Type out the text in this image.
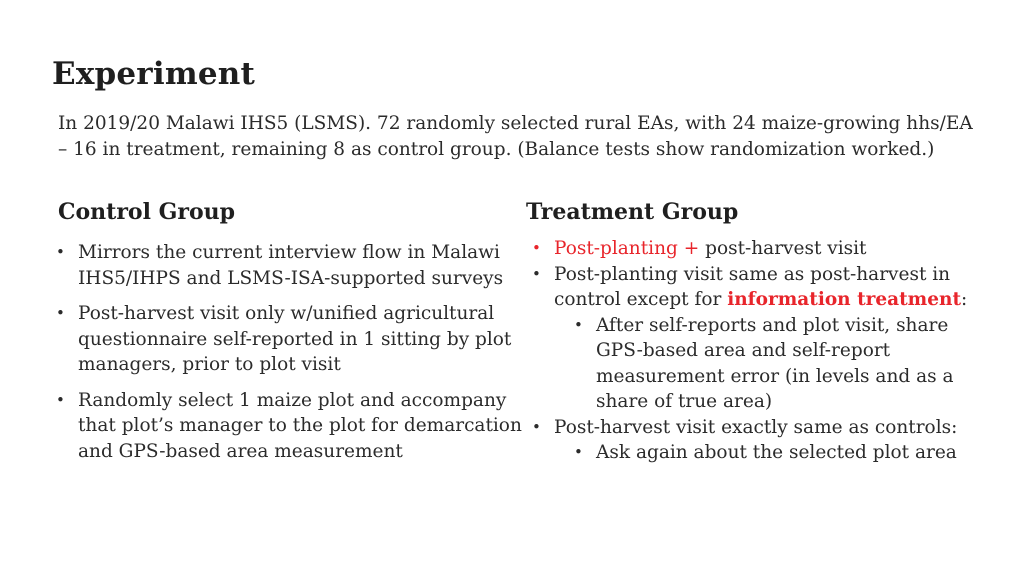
Experiment
In 2019/20 Malawi IHS5 (LSMS). 72 randomly selected rural EAs, with 24 maize-growing hhs/EA
– 16 in treatment, remaining 8 as control group. (Balance tests show randomization worked.)
Control Group	Treatment Group
• Mirrors the current interview flow in Malawi IHS5/IHPS and LSMS-ISA-supported surveys
• Post-harvest visit only w/unified agricultural questionnaire self-reported in 1 sitting by plot managers, prior to plot visit
• Randomly select 1 maize plot and accompany that plot’s manager to the plot for demarcation and GPS-based area measurement
• Post-planting + post-harvest visit
• Post-planting visit same as post-harvest in control except for information treatment:
• After self-reports and plot visit, share GPS-based area and self-report measurement error (in levels and as a share of true area)
• Post-harvest visit exactly same as controls:
• Ask again about the selected plot area
